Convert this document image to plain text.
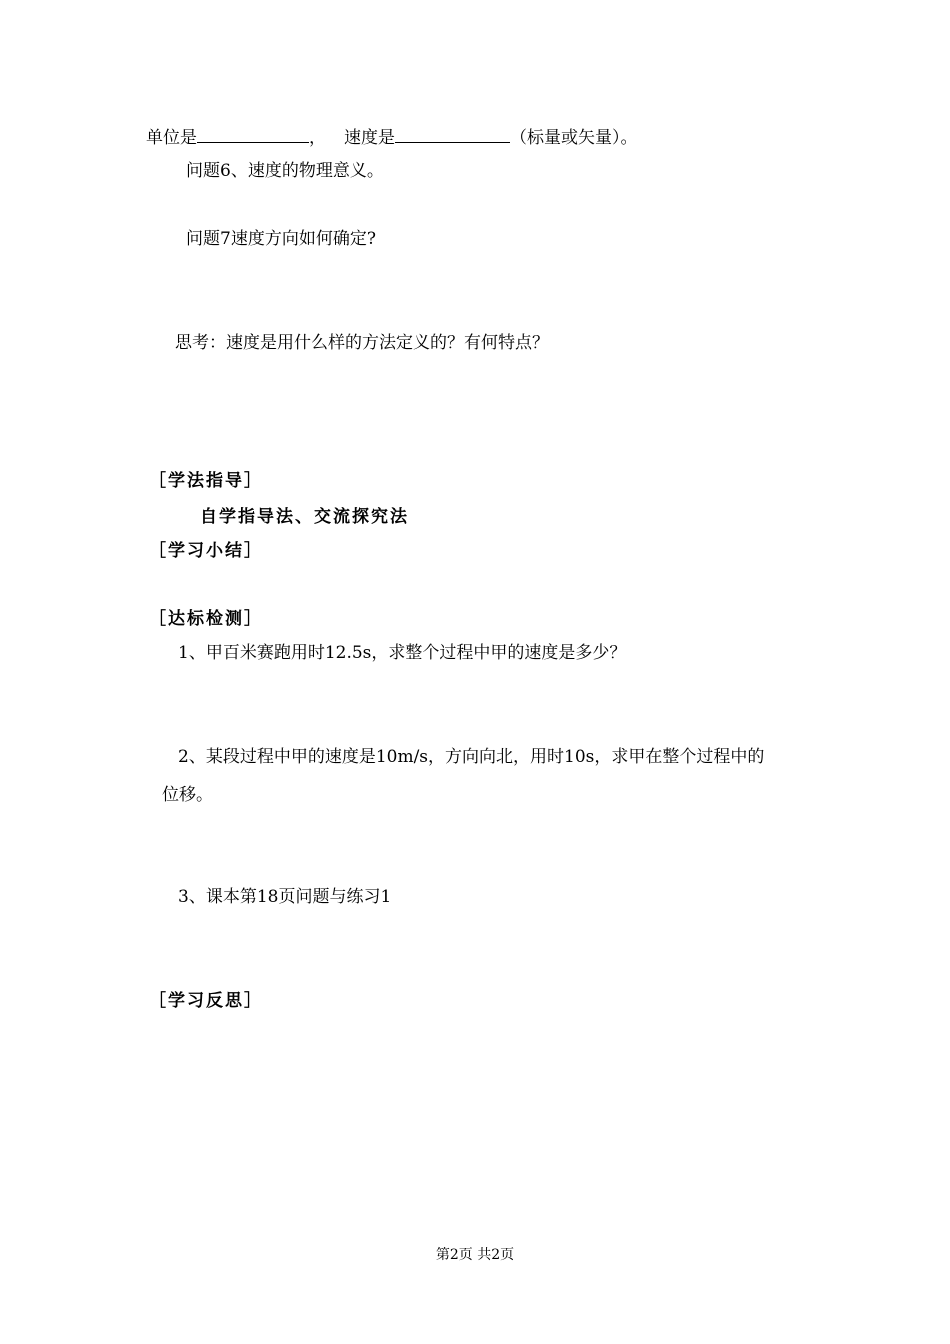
单位是	， 速度是	（标量或矢量）。
问题6、速度的物理意义。
问题7速度方向如何确定?
思考：速度是用什么样的方法定义的？有何特点？
［学法指导］
自学指导法、交流探究法
［学习小结］
［达标检测］
1、甲百米赛跑用时12.5s，求整个过程中甲的速度是多少？
2、某段过程中甲的速度是10m/s，方向向北，用时10s，求甲在整个过程中的
位移。
3、课本第18页问题与练习1
［学习反思］
第2页 共2页
